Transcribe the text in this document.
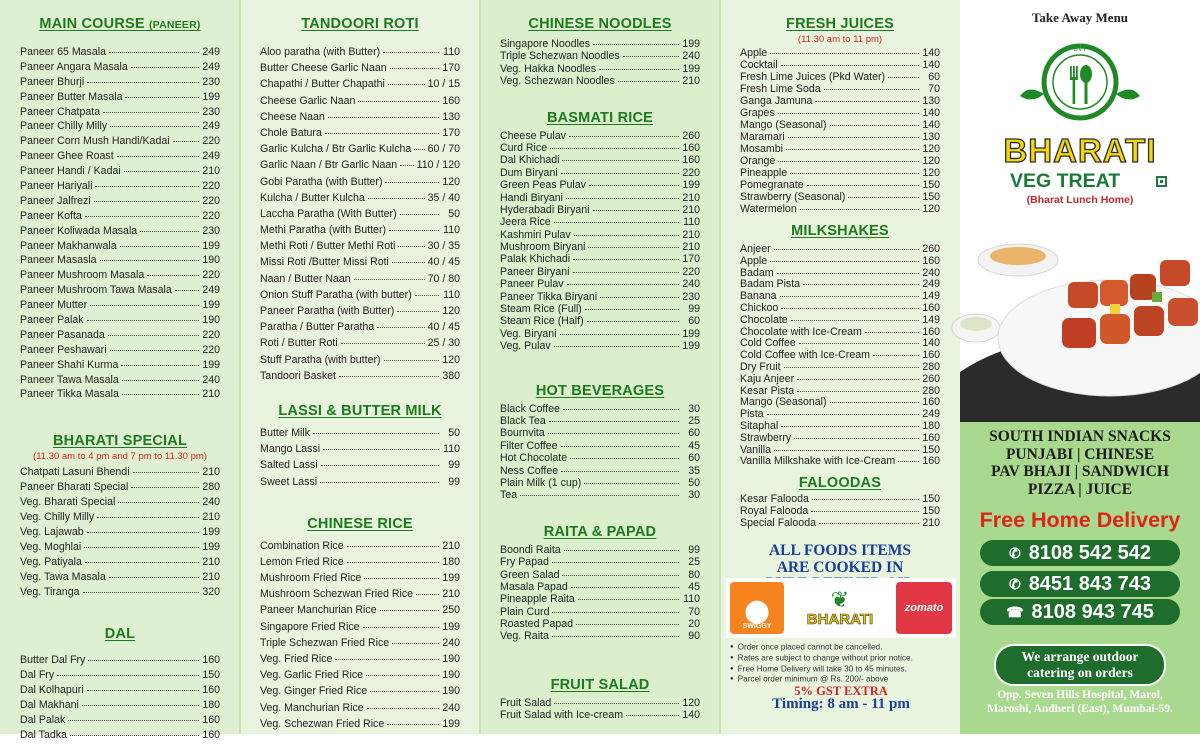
MAIN COURSE (PANEER)
Paneer 65 Masala	249
Paneer Angara Masala	249
Paneer Bhurji	230
Paneer Butter Masala	199
Paneer Chatpata	230
Paneer Chilly Milly	249
Paneer Corn Mush Handi/Kadai	220
Paneer Ghee Roast	249
Paneer Handi / Kadai	210
Paneer Hariyali	220
Paneer Jalfrezi	220
Paneer Kofta	220
Paneer Koliwada Masala	230
Paneer Makhanwala	199
Paneer Masasla	190
Paneer Mushroom Masala	220
Paneer Mushroom Tawa Masala	249
Paneer Mutter	199
Paneer Palak	190
Paneer Pasanada	220
Paneer Peshawari	220
Paneer Shahi Kurma	199
Paneer Tawa Masala	240
Paneer Tikka Masala	210
BHARATI SPECIAL
(11.30 am to 4 pm and 7 pm to 11.30 pm)
Chatpati Lasuni Bhendi	210
Paneer Bharati Special	280
Veg. Bharati Special	240
Veg. Chilly Milly	210
Veg. Lajawab	199
Veg. Moghlai	199
Veg. Patiyala	210
Veg. Tawa Masala	210
Veg. Tiranga	320
DAL
Butter Dal Fry	160
Dal Fry	150
Dal Kolhapuri	160
Dal Makhani	180
Dal Palak	160
Dal Tadka	160
TANDOORI ROTI
Aloo paratha (with Butter)	110
Butter Cheese Garlic Naan	170
Chapathi / Butter Chapathi	10 / 15
Cheese Garlic Naan	160
Cheese Naan	130
Chole Batura	170
Garlic Kulcha / Btr Garlic Kulcha 60 / 70
Garlic Naan / Btr Garlic Naan 110 / 120
Gobi Paratha (with Butter)	120
Kulcha / Butter Kulcha	35 / 40
Laccha Paratha (With Butter)	50
Methi Paratha (with Butter)	110
Methi Roti / Butter Methi Roti	30 / 35
Missi Roti /Butter Missi Roti	40 / 45
Naan / Butter Naan	70 / 80
Onion Stuff Paratha (with butter)	110
Paneer Paratha (with Butter)	120
Paratha / Butter Paratha	40 / 45
Roti / Butter Roti	25 / 30
Stuff Paratha (with butter)	120
Tandoori Basket	380
LASSI & BUTTER MILK
Butter Milk	50
Mango Lassi	110
Salted Lassi	99
Sweet Lassi	99
CHINESE RICE
Combination Rice	210
Lemon Fried Rice	180
Mushroom Fried Rice	199
Mushroom Schezwan Fried Rice	210
Paneer Manchurian Rice	250
Singapore Fried Rice	199
Triple Schezwan Fried Rice	240
Veg. Fried Rice	190
Veg. Garlic Fried Rice	190
Veg. Ginger Fried Rice	190
Veg. Manchurian Rice	240
Veg. Schezwan Fried Rice	199
CHINESE NOODLES
Singapore Noodles	199
Triple Schezwan Noodles	240
Veg. Hakka Noodles	199
Veg. Schezwan Noodles	210
BASMATI RICE
Cheese Pulav	260
Curd Rice	160
Dal Khichadi	160
Dum Biryani	220
Green Peas Pulav	199
Handi Biryani	210
Hyderabadi Biryani	210
Jeera Rice	110
Kashmiri Pulav	210
Mushroom Biryani	210
Palak Khichadi	170
Paneer Biryani	220
Paneer Pulav	240
Paneer Tikka Biryani	230
Steam Rice (Full)	99
Steam Rice (Half)	60
Veg. Biryani	199
Veg. Pulav	199
HOT BEVERAGES
Black Coffee	30
Black Tea	25
Bournvita	60
Filter Coffee	45
Hot Chocolate	60
Ness Coffee	35
Plain Milk (1 cup)	50
Tea	30
RAITA & PAPAD
Boondi Raita	99
Fry Papad	25
Green Salad	80
Masala Papad	45
Pineapple Raita	110
Plain Curd	70
Roasted Papad	20
Veg. Raita	90
FRUIT SALAD
Fruit Salad	120
Fruit Salad with Ice-cream	140
FRESH JUICES
(11.30 am to 11 pm)
Apple	140
Cocktail	140
Fresh Lime Juices (Pkd Water)	60
Fresh Lime Soda	70
Ganga Jamuna	130
Grapes	140
Mango (Seasonal)	140
Maramari	130
Mosambi	120
Orange	120
Pineapple	120
Pomegranate	150
Strawberry (Seasonal)	150
Watermelon	120
MILKSHAKES
Anjeer	260
Apple	160
Badam	240
Badam Pista	249
Banana	149
Chickoo	160
Chocolate	149
Chocolate with Ice-Cream	160
Cold Coffee	140
Cold Coffee with Ice-Cream	160
Dry Fruit	280
Kaju Anjeer	260
Kesar Pista	280
Mango (Seasonal)	160
Pista	249
Sitaphal	180
Strawberry	160
Vanilla	150
Vanilla Milkshake with Ice-Cream	160
FALOODAS
Kesar Falooda	150
Royal Falooda	150
Special Falooda	210
ALL FOODS ITEMS
ARE COOKED IN
⬤
SWIGGY
❦
BHARATI
zomato
● Order once placed cannot be cancelled.
● Rates are subject to change without prior notice.
● Free Home Delivery will take 30 to 45 minutes.
● Parcel order minimum @ Rs. 200/- above
5% GST EXTRA
Timing: 8 am - 11 pm
Take Away Menu
BVT
BHARATI
VEG TREAT
(Bharat Lunch Home)
SOUTH INDIAN SNACKS
PUNJABI | CHINESE
PAV BHAJI | SANDWICH
PIZZA | JUICE
Free Home Delivery
✆ 8108 542 542
✆ 8451 843 743
☎ 8108 943 745
We arrange outdoor
catering on orders
Opp. Seven Hills Hospital, Marol,
Maroshi, Andheri (East), Mumbai-59.
